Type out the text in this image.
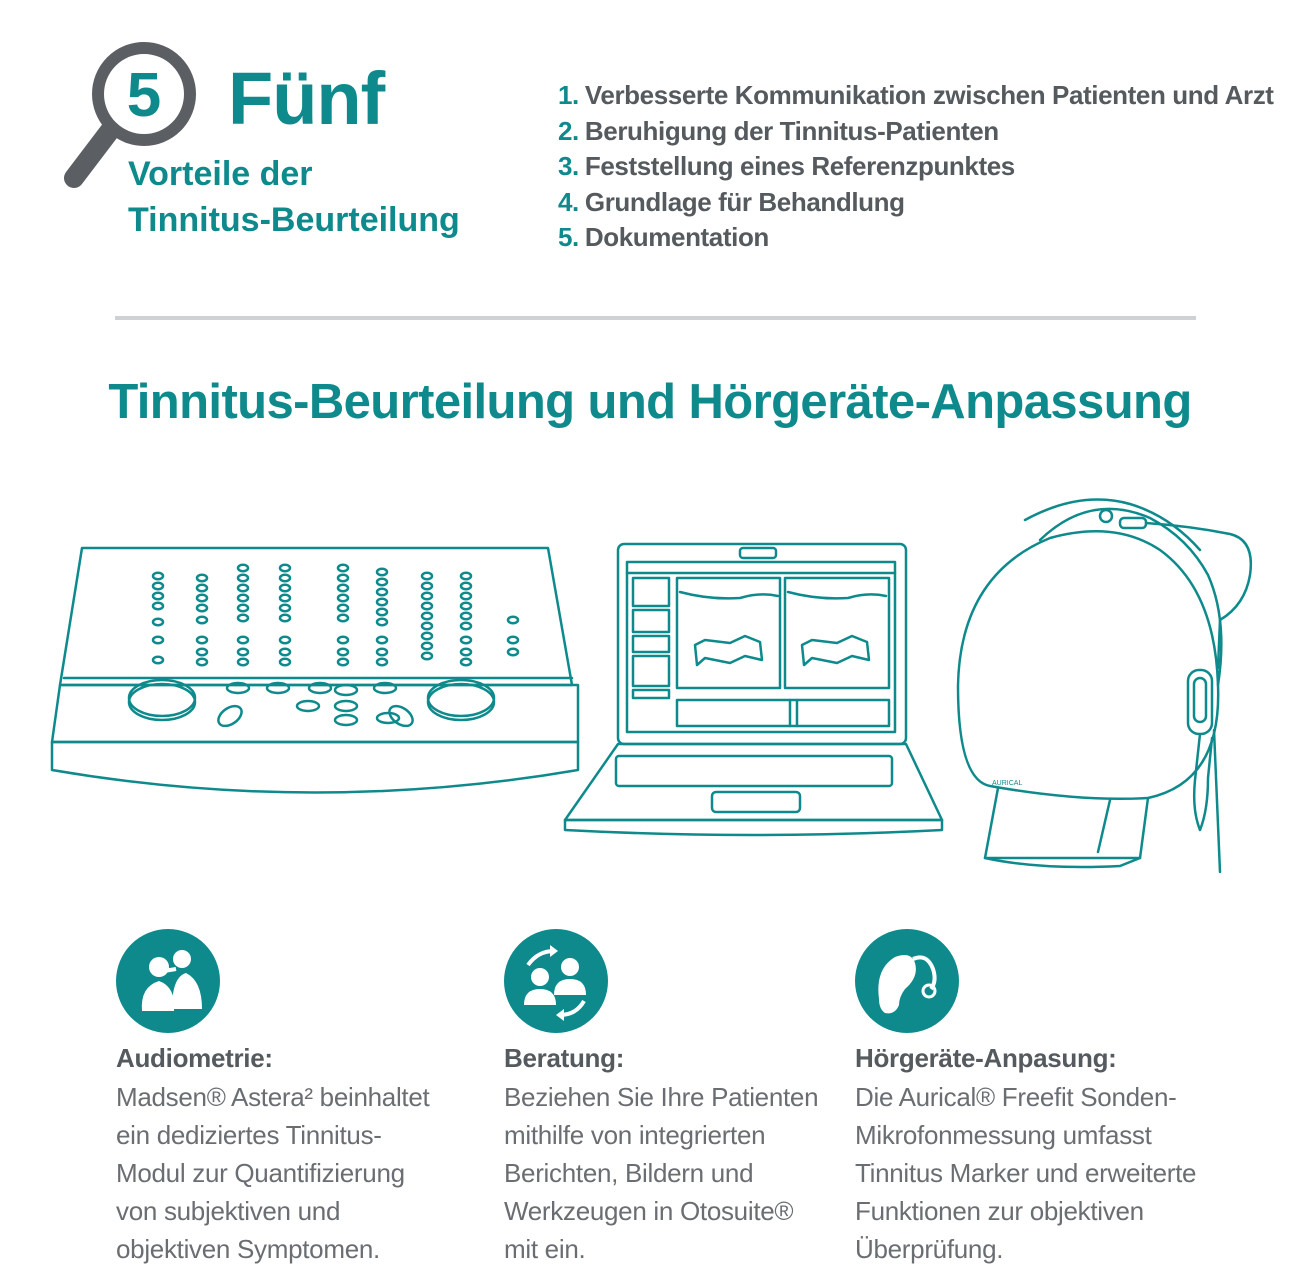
5 Fünf
Vorteile der
Tinnitus-Beurteilung
1. Verbesserte Kommunikation zwischen Patienten und Arzt
2. Beruhigung der Tinnitus-Patienten
3. Feststellung eines Referenzpunktes
4. Grundlage für Behandlung
5. Dokumentation
Tinnitus-Beurteilung und Hörgeräte-Anpassung
AURICAL
Audiometrie:
Madsen® Astera² beinhaltet
ein dediziertes Tinnitus-
Modul zur Quantifizierung
von subjektiven und
objektiven Symptomen.
Beratung:
Beziehen Sie Ihre Patienten
mithilfe von integrierten
Berichten, Bildern und
Werkzeugen in Otosuite®
mit ein.
Hörgeräte-Anpasung:
Die Aurical® Freefit Sonden-
Mikrofonmessung umfasst
Tinnitus Marker und erweiterte
Funktionen zur objektiven
Überprüfung.
